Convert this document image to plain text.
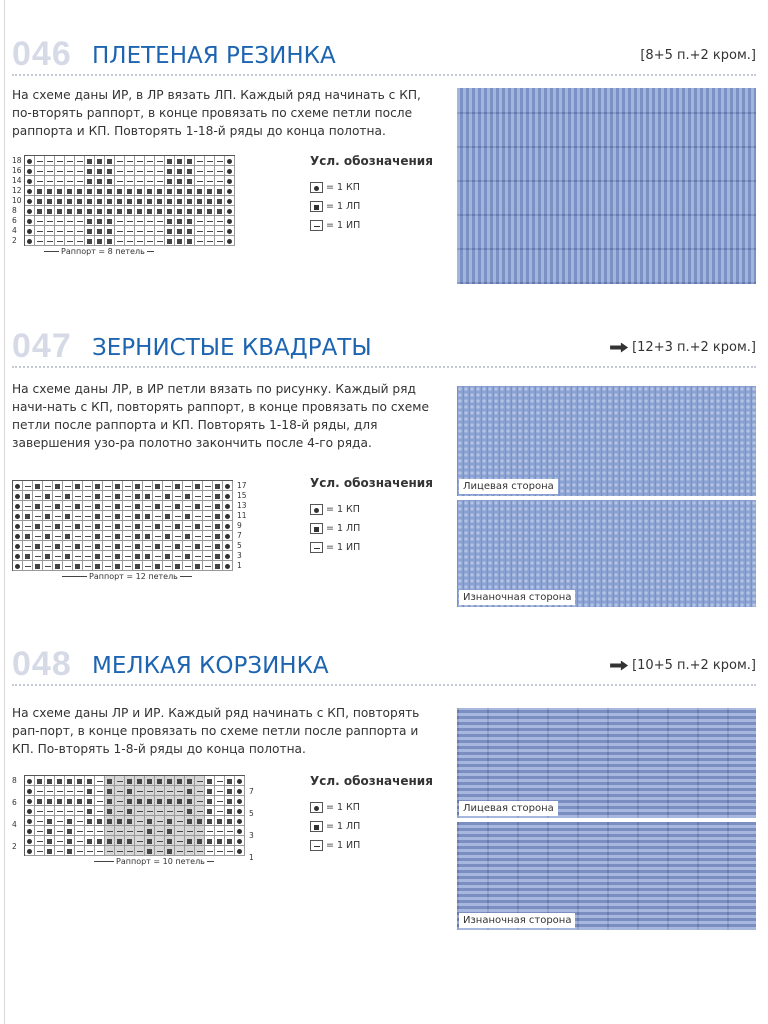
046 ПЛЕТЕНАЯ РЕЗИНКА	[8+5 п.+2 кром.]
На схеме даны ИР, в ЛР вязать ЛП. Каждый ряд начинать с КП, по-вторять раппорт, в конце провязать по схеме петли после раппорта и КП. Повторять 1-18-й ряды до конца полотна.
18
16
14
12
10
8
6
4
2
Раппорт = 8 петель
Усл. обозначения
= 1 КП
= 1 ЛП
= 1 ИП
047 ЗЕРНИСТЫЕ КВАДРАТЫ	[12+3 п.+2 кром.]
На схеме даны ЛР, в ИР петли вязать по рисунку. Каждый ряд начи-нать с КП, повторять раппорт, в конце провязать по схеме петли после раппорта и КП. Повторять 1-18-й ряды, для завершения узо-ра полотно закончить после 4-го ряда.
17
15
13
11
9
7
5
3
1
Раппорт = 12 петель
Усл. обозначения
= 1 КП
= 1 ЛП
= 1 ИП
Лицевая сторона
Изнаночная сторона
048 МЕЛКАЯ КОРЗИНКА	[10+5 п.+2 кром.]
На схеме даны ЛР и ИР. Каждый ряд начинать с КП, повторять рап-порт, в конце провязать по схеме петли после раппорта и КП. По-вторять 1-8-й ряды до конца полотна.
8
6
4
2
7
5
3
1
Раппорт = 10 петель
Усл. обозначения
= 1 КП
= 1 ЛП
= 1 ИП
Лицевая сторона
Изнаночная сторона
